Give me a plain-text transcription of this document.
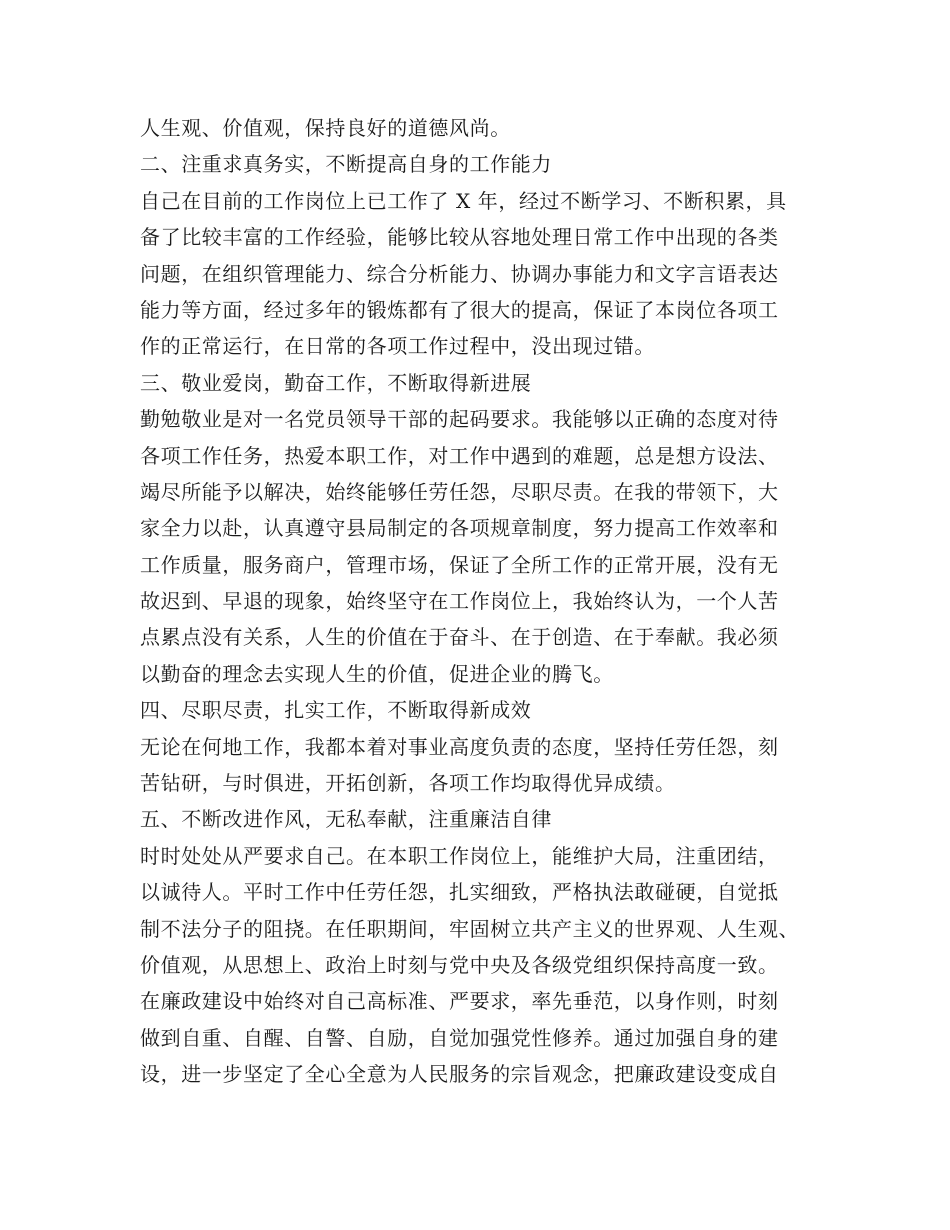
人生观、价值观，保持良好的道德风尚。
二、注重求真务实，不断提高自身的工作能力
自己在目前的工作岗位上已工作了 X 年，经过不断学习、不断积累，具
备了比较丰富的工作经验，能够比较从容地处理日常工作中出现的各类
问题，在组织管理能力、综合分析能力、协调办事能力和文字言语表达
能力等方面，经过多年的锻炼都有了很大的提高，保证了本岗位各项工
作的正常运行，在日常的各项工作过程中，没出现过错。
三、敬业爱岗，勤奋工作，不断取得新进展
勤勉敬业是对一名党员领导干部的起码要求。我能够以正确的态度对待
各项工作任务，热爱本职工作，对工作中遇到的难题，总是想方设法、
竭尽所能予以解决，始终能够任劳任怨，尽职尽责。在我的带领下，大
家全力以赴，认真遵守县局制定的各项规章制度，努力提高工作效率和
工作质量，服务商户，管理市场，保证了全所工作的正常开展，没有无
故迟到、早退的现象，始终坚守在工作岗位上，我始终认为，一个人苦
点累点没有关系，人生的价值在于奋斗、在于创造、在于奉献。我必须
以勤奋的理念去实现人生的价值，促进企业的腾飞。
四、尽职尽责，扎实工作，不断取得新成效
无论在何地工作，我都本着对事业高度负责的态度，坚持任劳任怨，刻
苦钻研，与时俱进，开拓创新，各项工作均取得优异成绩。
五、不断改进作风，无私奉献，注重廉洁自律
时时处处从严要求自己。在本职工作岗位上，能维护大局，注重团结，
以诚待人。平时工作中任劳任怨，扎实细致，严格执法敢碰硬，自觉抵
制不法分子的阻挠。在任职期间，牢固树立共产主义的世界观、人生观、
价值观，从思想上、政治上时刻与党中央及各级党组织保持高度一致。
在廉政建设中始终对自己高标准、严要求，率先垂范，以身作则，时刻
做到自重、自醒、自警、自励，自觉加强党性修养。通过加强自身的建
设，进一步坚定了全心全意为人民服务的宗旨观念，把廉政建设变成自
